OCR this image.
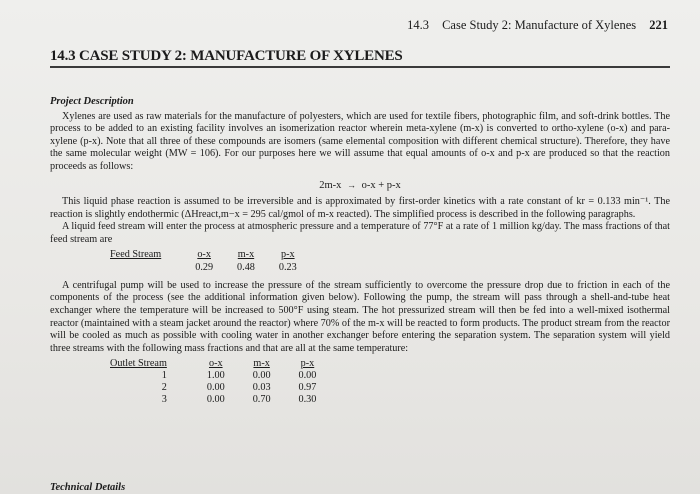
14.3 Case Study 2: Manufacture of Xylenes 221
14.3 CASE STUDY 2: MANUFACTURE OF XYLENES
Project Description

Xylenes are used as raw materials for the manufacture of polyesters, which are used for textile fibers, photographic film, and soft-drink bottles. The process to be added to an existing facility involves an isomerization reactor wherein meta-xylene (m-x) is converted to ortho-xylene (o-x) and para-xylene (p-x). Note that all three of these compounds are isomers (same elemental composition with different chemical structure). Therefore, they have the same molecular weight (MW = 106). For our purposes here we will assume that equal amounts of o-x and p-x are produced so that the reaction proceeds as follows:

2m-x → o-x + p-x

This liquid phase reaction is assumed to be irreversible and is approximated by first-order kinetics with a rate constant of kr = 0.133 min⁻¹. The reaction is slightly endothermic (ΔHreact,m−x = 295 cal/gmol of m-x reacted). The simplified process is described in the following paragraphs.

A liquid feed stream will enter the process at atmospheric pressure and a temperature of 77°F at a rate of 1 million kg/day. The mass fractions of that feed stream are

Feed Stream	o-x	m-x	p-x
	0.29	0.48	0.23

A centrifugal pump will be used to increase the pressure of the stream sufficiently to overcome the pressure drop due to friction in each of the components of the process (see the additional information given below). Following the pump, the stream will pass through a shell-and-tube heat exchanger where the temperature will be increased to 500°F using steam. The hot pressurized stream will then be fed into a well-mixed isothermal reactor (maintained with a steam jacket around the reactor) where 70% of the m-x will be reacted to form products. The product stream from the reactor will be cooled as much as possible with cooling water in another exchanger before entering the separation system. The separation system will yield three streams with the following mass fractions and that are all at the same temperature:

Outlet Stream	o-x	m-x	p-x
1	1.00	0.00	0.00
2	0.00	0.03	0.97
3	0.00	0.70	0.30
Technical Details
